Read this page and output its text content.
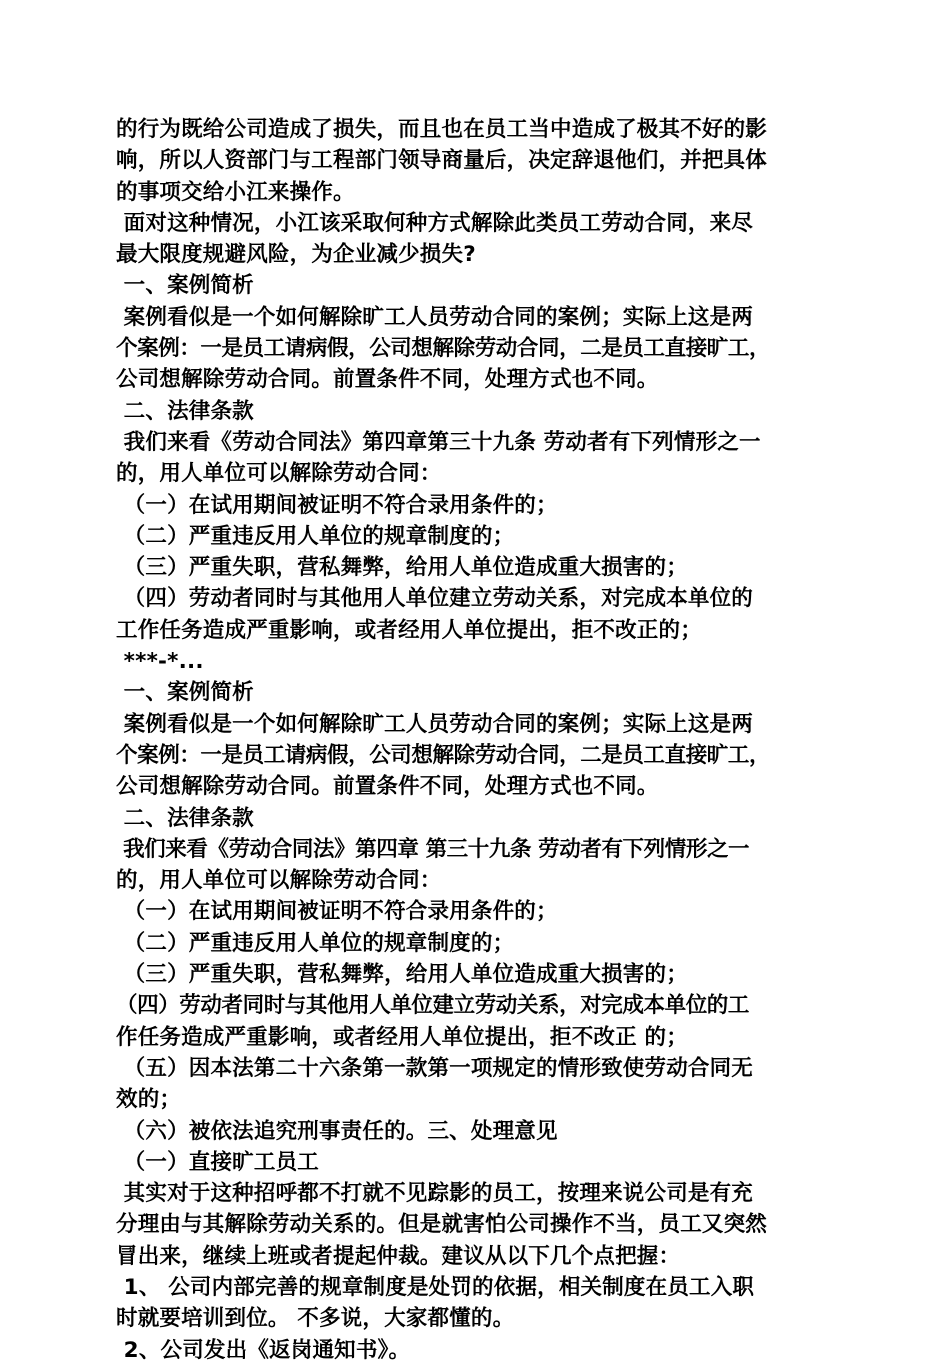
的行为既给公司造成了损失，而且也在员工当中造成了极其不好的影
响，所以人资部门与工程部门领导商量后，决定辞退他们，并把具体
的事项交给小江来操作。
面对这种情况，小江该采取何种方式解除此类员工劳动合同，来尽
最大限度规避风险，为企业减少损失?
一、案例简析
案例看似是一个如何解除旷工人员劳动合同的案例；实际上这是两
个案例：一是员工请病假，公司想解除劳动合同，二是员工直接旷工，
公司想解除劳动合同。前置条件不同，处理方式也不同。
二、法律条款
我们来看《劳动合同法》第四章第三十九条 劳动者有下列情形之一
的，用人单位可以解除劳动合同：
（一）在试用期间被证明不符合录用条件的；
（二）严重违反用人单位的规章制度的；
（三）严重失职，营私舞弊，给用人单位造成重大损害的；
（四）劳动者同时与其他用人单位建立劳动关系，对完成本单位的
工作任务造成严重影响，或者经用人单位提出，拒不改正的；
***-*...
一、案例简析
案例看似是一个如何解除旷工人员劳动合同的案例；实际上这是两
个案例：一是员工请病假，公司想解除劳动合同，二是员工直接旷工，
公司想解除劳动合同。前置条件不同，处理方式也不同。
二、法律条款
我们来看《劳动合同法》第四章 第三十九条 劳动者有下列情形之一
的，用人单位可以解除劳动合同：
（一）在试用期间被证明不符合录用条件的；
（二）严重违反用人单位的规章制度的；
（三）严重失职，营私舞弊，给用人单位造成重大损害的；
（四）劳动者同时与其他用人单位建立劳动关系，对完成本单位的工
作任务造成严重影响，或者经用人单位提出，拒不改正 的；
（五）因本法第二十六条第一款第一项规定的情形致使劳动合同无
效的；
（六）被依法追究刑事责任的。三、处理意见
（一）直接旷工员工
其实对于这种招呼都不打就不见踪影的员工，按理来说公司是有充
分理由与其解除劳动关系的。但是就害怕公司操作不当，员工又突然
冒出来，继续上班或者提起仲裁。建议从以下几个点把握：
1、 公司内部完善的规章制度是处罚的依据，相关制度在员工入职
时就要培训到位。 不多说，大家都懂的。
2、公司发出《返岗通知书》。
